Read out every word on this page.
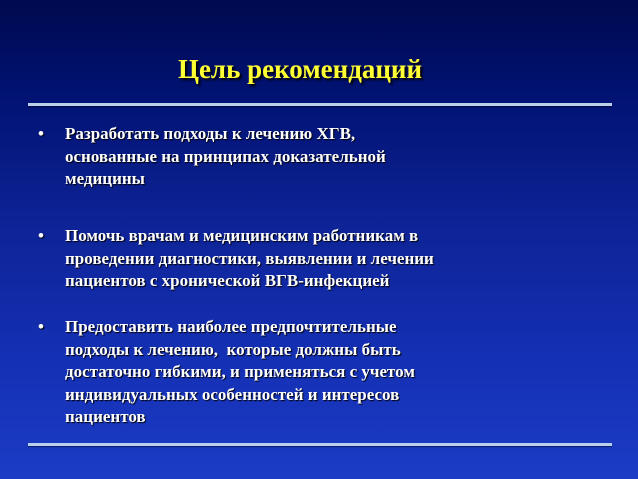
Цель рекомендаций
•	Разработать подходы к лечению ХГВ,
основанные на принципах доказательной
медицины
•	Помочь врачам и медицинским работникам в
проведении диагностики, выявлении и лечении
пациентов с хронической ВГВ-инфекцией
•	Предоставить наиболее предпочтительные
подходы к лечению,  которые должны быть
достаточно гибкими, и применяться с учетом
индивидуальных особенностей и интересов
пациентов
